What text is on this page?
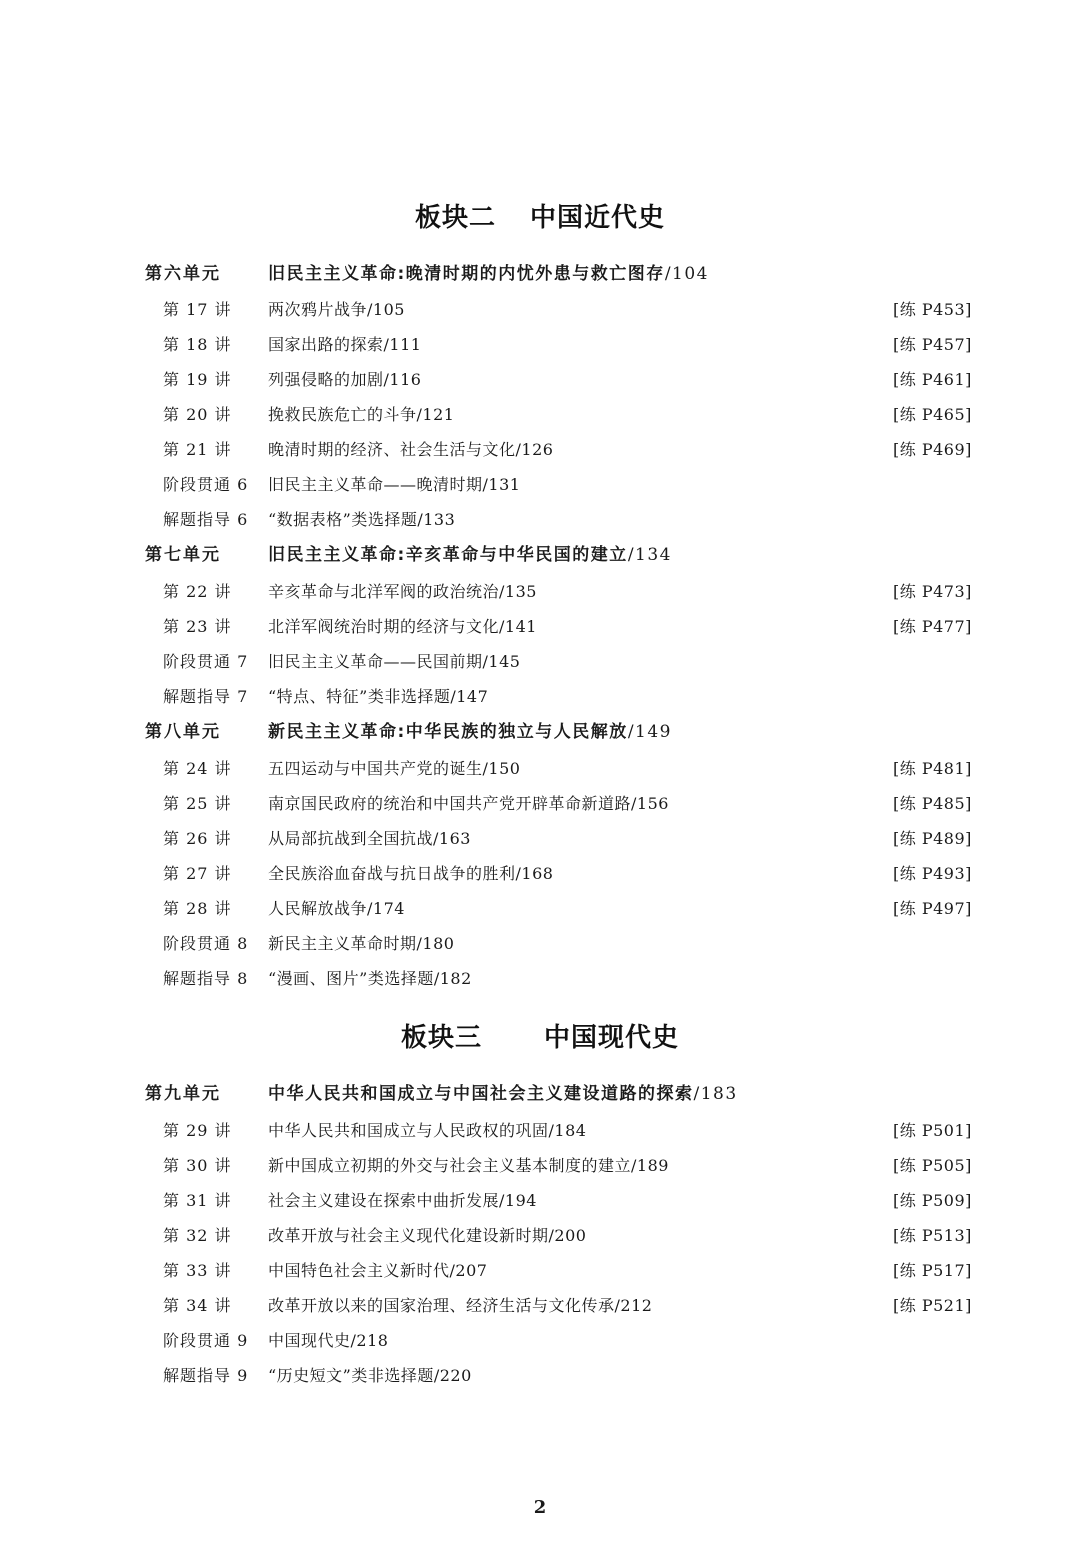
板块二 中国近代史
第六单元	旧民主主义革命:晚清时期的内忧外患与救亡图存/104
第 17 讲 两次鸦片战争/105	[练 P453]
第 18 讲 国家出路的探索/111	[练 P457]
第 19 讲 列强侵略的加剧/116	[练 P461]
第 20 讲 挽救民族危亡的斗争/121	[练 P465]
第 21 讲 晚清时期的经济、社会生活与文化/126	[练 P469]
阶段贯通 6 旧民主主义革命——晚清时期/131
解题指导 6 “数据表格”类选择题/133
第七单元	旧民主主义革命:辛亥革命与中华民国的建立/134
第 22 讲 辛亥革命与北洋军阀的政治统治/135	[练 P473]
第 23 讲 北洋军阀统治时期的经济与文化/141	[练 P477]
阶段贯通 7 旧民主主义革命——民国前期/145
解题指导 7 “特点、特征”类非选择题/147
第八单元	新民主主义革命:中华民族的独立与人民解放/149
第 24 讲 五四运动与中国共产党的诞生/150	[练 P481]
第 25 讲 南京国民政府的统治和中国共产党开辟革命新道路/156	[练 P485]
第 26 讲 从局部抗战到全国抗战/163	[练 P489]
第 27 讲 全民族浴血奋战与抗日战争的胜利/168	[练 P493]
第 28 讲 人民解放战争/174	[练 P497]
阶段贯通 8 新民主主义革命时期/180
解题指导 8 “漫画、图片”类选择题/182
板块三 中国现代史
第九单元	中华人民共和国成立与中国社会主义建设道路的探索/183
第 29 讲 中华人民共和国成立与人民政权的巩固/184	[练 P501]
第 30 讲 新中国成立初期的外交与社会主义基本制度的建立/189	[练 P505]
第 31 讲 社会主义建设在探索中曲折发展/194	[练 P509]
第 32 讲 改革开放与社会主义现代化建设新时期/200	[练 P513]
第 33 讲 中国特色社会主义新时代/207	[练 P517]
第 34 讲 改革开放以来的国家治理、经济生活与文化传承/212	[练 P521]
阶段贯通 9 中国现代史/218
解题指导 9 “历史短文”类非选择题/220
2
